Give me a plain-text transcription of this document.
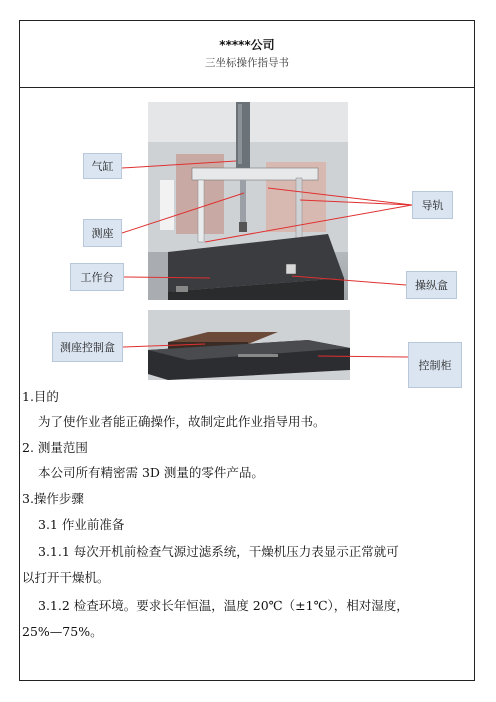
*****公司
三坐标操作指导书
气缸
测座
工作台
导轨
操纵盒
测座控制盒
控制柜
1.目的
为了使作业者能正确操作，故制定此作业指导用书。
2. 测量范围
本公司所有精密需 3D 测量的零件产品。
3.操作步骤
3.1 作业前准备
3.1.1 每次开机前检查气源过滤系统，干燥机压力表显示正常就可
以打开干燥机。
3.1.2 检查环境。要求长年恒温，温度 20℃（±1℃），相对湿度，
25%—75%。
